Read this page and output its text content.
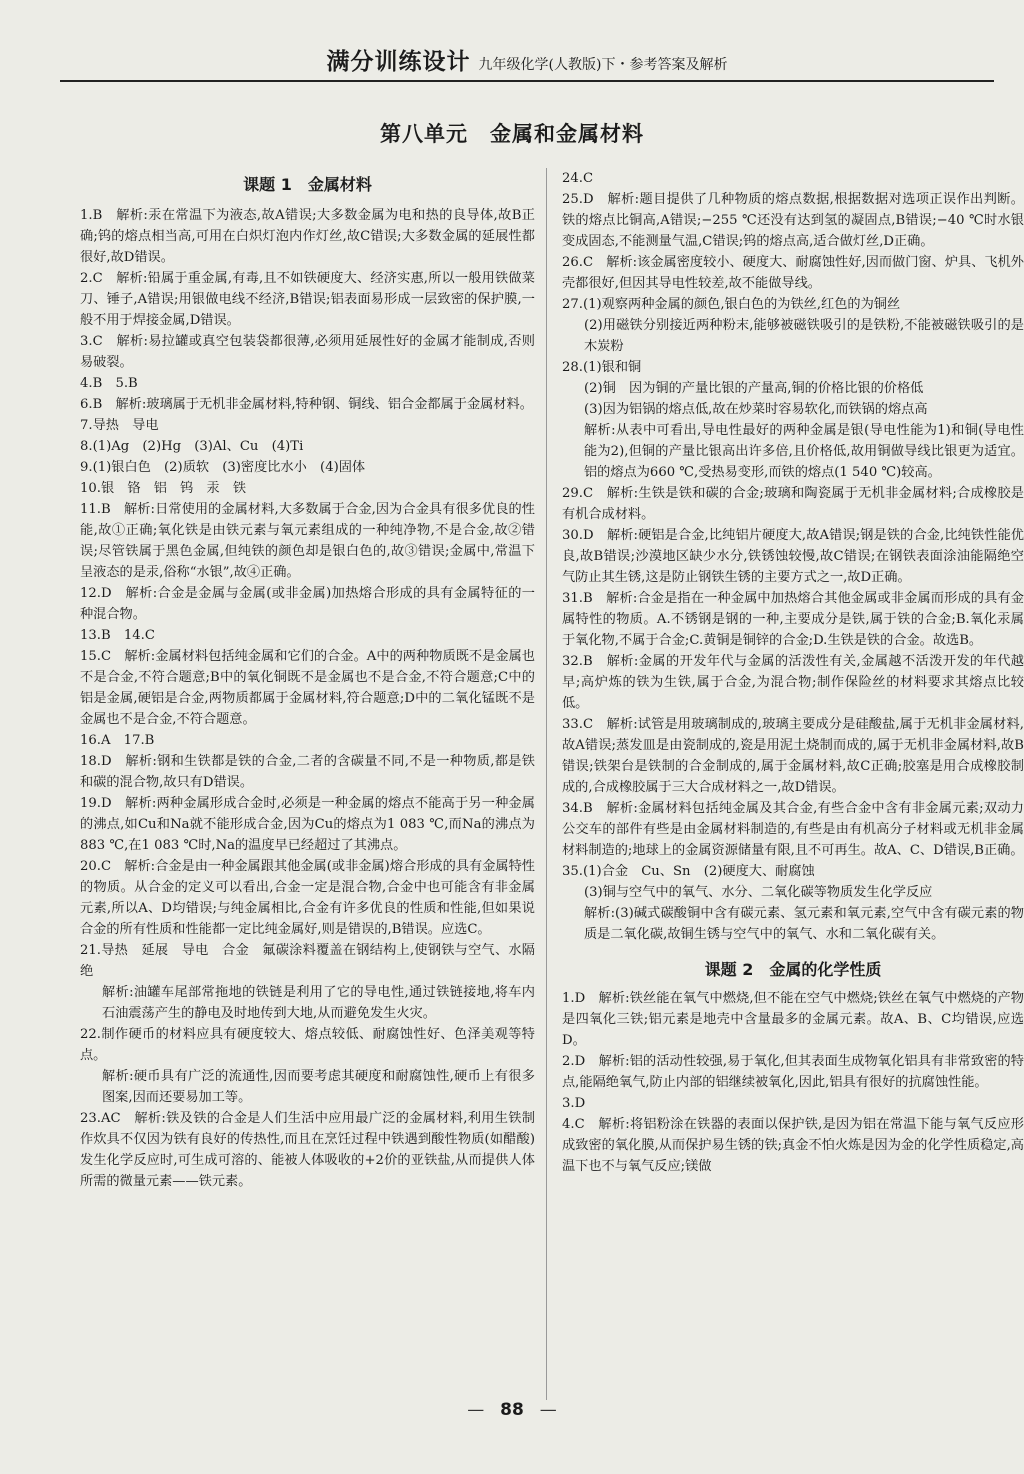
满分训练设计 九年级化学(人教版)下・参考答案及解析
第八单元　金属和金属材料
课题 1　金属材料

1.B　解析:汞在常温下为液态,故A错误;大多数金属为电和热的良导体,故B正确;钨的熔点相当高,可用在白炽灯泡内作灯丝,故C错误;大多数金属的延展性都很好,故D错误。

2.C　解析:铅属于重金属,有毒,且不如铁硬度大、经济实惠,所以一般用铁做菜刀、锤子,A错误;用银做电线不经济,B错误;铝表面易形成一层致密的保护膜,一般不用于焊接金属,D错误。

3.C　解析:易拉罐或真空包装袋都很薄,必须用延展性好的金属才能制成,否则易破裂。

4.B　5.B

6.B　解析:玻璃属于无机非金属材料,特种钢、铜线、铝合金都属于金属材料。

7.导热　导电

8.(1)Ag　(2)Hg　(3)Al、Cu　(4)Ti

9.(1)银白色　(2)质软　(3)密度比水小　(4)固体

10.银　铬　铝　钨　汞　铁

11.B　解析:日常使用的金属材料,大多数属于合金,因为合金具有很多优良的性能,故①正确;氧化铁是由铁元素与氧元素组成的一种纯净物,不是合金,故②错误;尽管铁属于黑色金属,但纯铁的颜色却是银白色的,故③错误;金属中,常温下呈液态的是汞,俗称“水银”,故④正确。

12.D　解析:合金是金属与金属(或非金属)加热熔合形成的具有金属特征的一种混合物。

13.B　14.C

15.C　解析:金属材料包括纯金属和它们的合金。A中的两种物质既不是金属也不是合金,不符合题意;B中的氧化铜既不是金属也不是合金,不符合题意;C中的铝是金属,硬铝是合金,两物质都属于金属材料,符合题意;D中的二氧化锰既不是金属也不是合金,不符合题意。

16.A　17.B

18.D　解析:钢和生铁都是铁的合金,二者的含碳量不同,不是一种物质,都是铁和碳的混合物,故只有D错误。

19.D　解析:两种金属形成合金时,必须是一种金属的熔点不能高于另一种金属的沸点,如Cu和Na就不能形成合金,因为Cu的熔点为1 083 ℃,而Na的沸点为883 ℃,在1 083 ℃时,Na的温度早已经超过了其沸点。

20.C　解析:合金是由一种金属跟其他金属(或非金属)熔合形成的具有金属特性的物质。从合金的定义可以看出,合金一定是混合物,合金中也可能含有非金属元素,所以A、D均错误;与纯金属相比,合金有许多优良的性质和性能,但如果说合金的所有性质和性能都一定比纯金属好,则是错误的,B错误。应选C。

21.导热　延展　导电　合金　氟碳涂料覆盖在钢结构上,使钢铁与空气、水隔绝

解析:油罐车尾部常拖地的铁链是利用了它的导电性,通过铁链接地,将车内石油震荡产生的静电及时地传到大地,从而避免发生火灾。

22.制作硬币的材料应具有硬度较大、熔点较低、耐腐蚀性好、色泽美观等特点。

解析:硬币具有广泛的流通性,因而要考虑其硬度和耐腐蚀性,硬币上有很多图案,因而还要易加工等。

23.AC　解析:铁及铁的合金是人们生活中应用最广泛的金属材料,利用生铁制作炊具不仅因为铁有良好的传热性,而且在烹饪过程中铁遇到酸性物质(如醋酸)发生化学反应时,可生成可溶的、能被人体吸收的+2价的亚铁盐,从而提供人体所需的微量元素——铁元素。

24.C

25.D　解析:题目提供了几种物质的熔点数据,根据数据对选项正误作出判断。铁的熔点比铜高,A错误;−255 ℃还没有达到氢的凝固点,B错误;−40 ℃时水银变成固态,不能测量气温,C错误;钨的熔点高,适合做灯丝,D正确。

26.C　解析:该金属密度较小、硬度大、耐腐蚀性好,因而做门窗、炉具、飞机外壳都很好,但因其导电性较差,故不能做导线。

27.(1)观察两种金属的颜色,银白色的为铁丝,红色的为铜丝

(2)用磁铁分别接近两种粉末,能够被磁铁吸引的是铁粉,不能被磁铁吸引的是木炭粉

28.(1)银和铜

(2)铜　因为铜的产量比银的产量高,铜的价格比银的价格低

(3)因为铝锅的熔点低,故在炒菜时容易软化,而铁锅的熔点高

解析:从表中可看出,导电性最好的两种金属是银(导电性能为1)和铜(导电性能为2),但铜的产量比银高出许多倍,且价格低,故用铜做导线比银更为适宜。铝的熔点为660 ℃,受热易变形,而铁的熔点(1 540 ℃)较高。

29.C　解析:生铁是铁和碳的合金;玻璃和陶瓷属于无机非金属材料;合成橡胶是有机合成材料。

30.D　解析:硬铝是合金,比纯铝片硬度大,故A错误;钢是铁的合金,比纯铁性能优良,故B错误;沙漠地区缺少水分,铁锈蚀较慢,故C错误;在钢铁表面涂油能隔绝空气防止其生锈,这是防止钢铁生锈的主要方式之一,故D正确。

31.B　解析:合金是指在一种金属中加热熔合其他金属或非金属而形成的具有金属特性的物质。A.不锈钢是钢的一种,主要成分是铁,属于铁的合金;B.氧化汞属于氧化物,不属于合金;C.黄铜是铜锌的合金;D.生铁是铁的合金。故选B。

32.B　解析:金属的开发年代与金属的活泼性有关,金属越不活泼开发的年代越早;高炉炼的铁为生铁,属于合金,为混合物;制作保险丝的材料要求其熔点比较低。

33.C　解析:试管是用玻璃制成的,玻璃主要成分是硅酸盐,属于无机非金属材料,故A错误;蒸发皿是由瓷制成的,瓷是用泥土烧制而成的,属于无机非金属材料,故B错误;铁架台是铁制的合金制成的,属于金属材料,故C正确;胶塞是用合成橡胶制成的,合成橡胶属于三大合成材料之一,故D错误。

34.B　解析:金属材料包括纯金属及其合金,有些合金中含有非金属元素;双动力公交车的部件有些是由金属材料制造的,有些是由有机高分子材料或无机非金属材料制造的;地球上的金属资源储量有限,且不可再生。故A、C、D错误,B正确。

35.(1)合金　Cu、Sn　(2)硬度大、耐腐蚀

(3)铜与空气中的氧气、水分、二氧化碳等物质发生化学反应

解析:(3)碱式碳酸铜中含有碳元素、氢元素和氧元素,空气中含有碳元素的物质是二氧化碳,故铜生锈与空气中的氧气、水和二氧化碳有关。

课题 2　金属的化学性质

1.D　解析:铁丝能在氧气中燃烧,但不能在空气中燃烧;铁丝在氧气中燃烧的产物是四氧化三铁;铝元素是地壳中含量最多的金属元素。故A、B、C均错误,应选D。

2.D　解析:铝的活动性较强,易于氧化,但其表面生成物氧化铝具有非常致密的特点,能隔绝氧气,防止内部的铝继续被氧化,因此,铝具有很好的抗腐蚀性能。

3.D

4.C　解析:将铝粉涂在铁器的表面以保护铁,是因为铝在常温下能与氧气反应形成致密的氧化膜,从而保护易生锈的铁;真金不怕火炼是因为金的化学性质稳定,高温下也不与氧气反应;镁做

— 88 —
